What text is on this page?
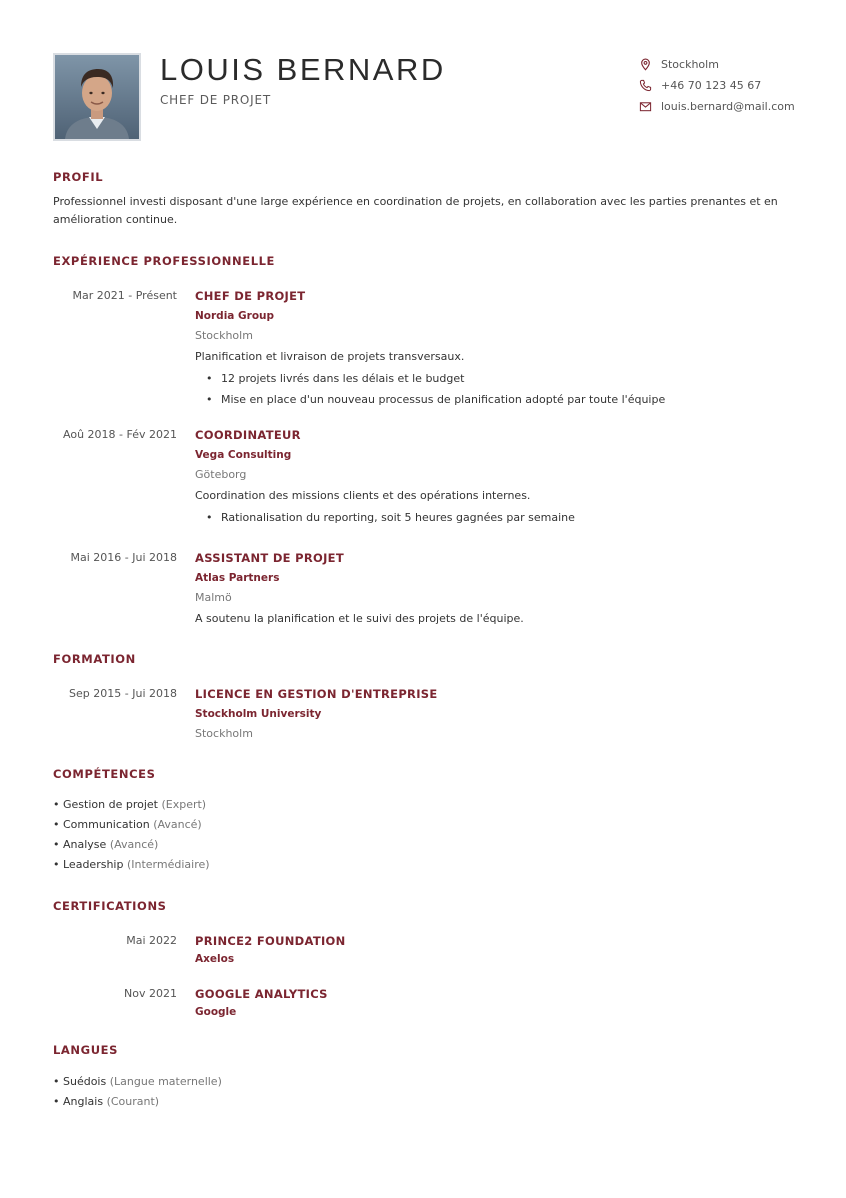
LOUIS BERNARD
CHEF DE PROJET
Stockholm
+46 70 123 45 67
louis.bernard@mail.com
PROFIL
Professionnel investi disposant d'une large expérience en coordination de projets, en collaboration avec les parties prenantes et en amélioration continue.
EXPÉRIENCE PROFESSIONNELLE
Mar 2021 - Présent CHEF DE PROJET
Nordia Group
Stockholm
Planification et livraison de projets transversaux.
• 12 projets livrés dans les délais et le budget
• Mise en place d'un nouveau processus de planification adopté par toute l'équipe
Aoû 2018 - Fév 2021 COORDINATEUR
Vega Consulting
Göteborg
Coordination des missions clients et des opérations internes.
• Rationalisation du reporting, soit 5 heures gagnées par semaine
Mai 2016 - Jui 2018 ASSISTANT DE PROJET
Atlas Partners
Malmö
A soutenu la planification et le suivi des projets de l'équipe.
FORMATION
Sep 2015 - Jui 2018 LICENCE EN GESTION D'ENTREPRISE
Stockholm University
Stockholm
COMPÉTENCES
• Gestion de projet (Expert)
• Communication (Avancé)
• Analyse (Avancé)
• Leadership (Intermédiaire)
CERTIFICATIONS
Mai 2022 PRINCE2 FOUNDATION
Axelos
Nov 2021 GOOGLE ANALYTICS
Google
LANGUES
• Suédois (Langue maternelle)
• Anglais (Courant)
